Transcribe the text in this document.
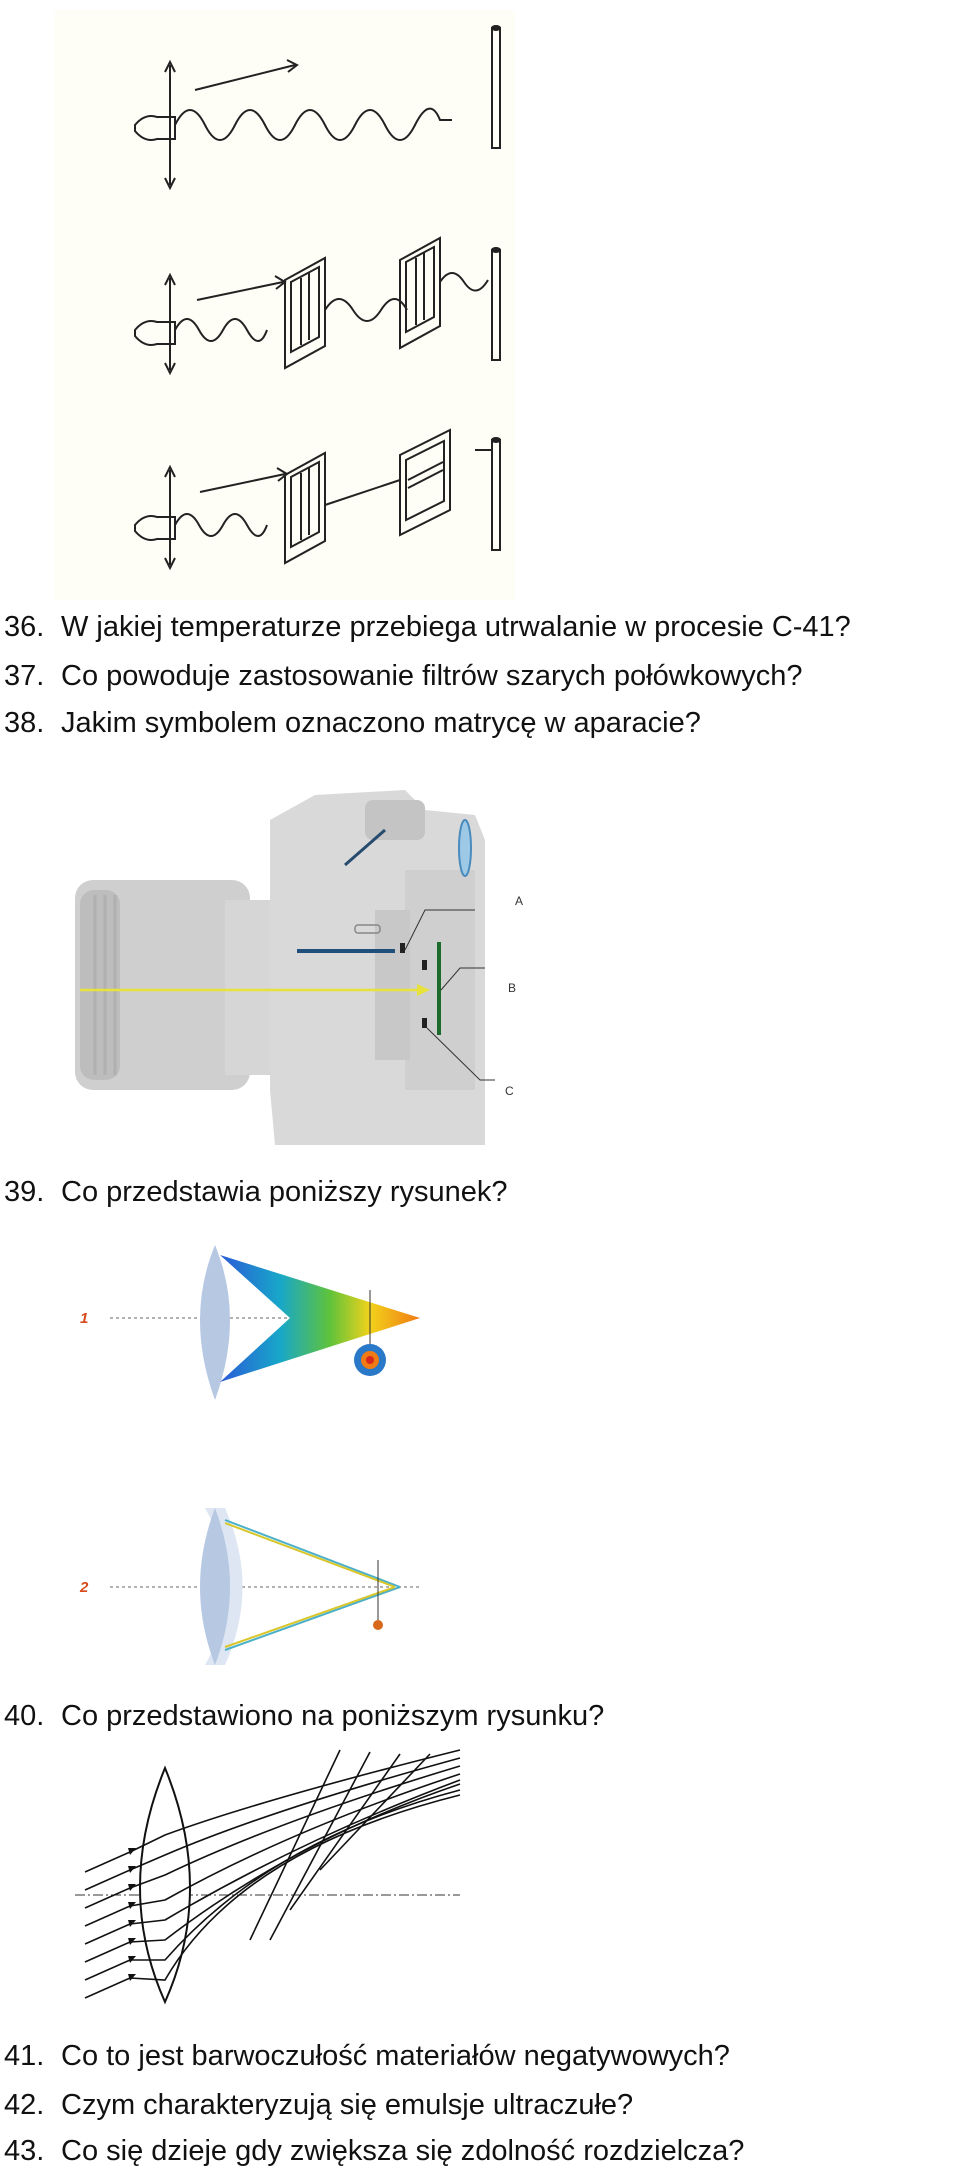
36. W jakiej temperaturze przebiega utrwalanie w procesie C-41?
37. Co powoduje zastosowanie filtrów szarych połówkowych?
38. Jakim symbolem oznaczono matrycę w aparacie?
A
B
C
39. Co przedstawia poniższy rysunek?
1
2
40. Co przedstawiono na poniższym rysunku?
41. Co to jest barwoczułość materiałów negatywowych?
42. Czym charakteryzują się emulsje ultraczułe?
43. Co się dzieje gdy zwiększa się zdolność rozdzielcza?
